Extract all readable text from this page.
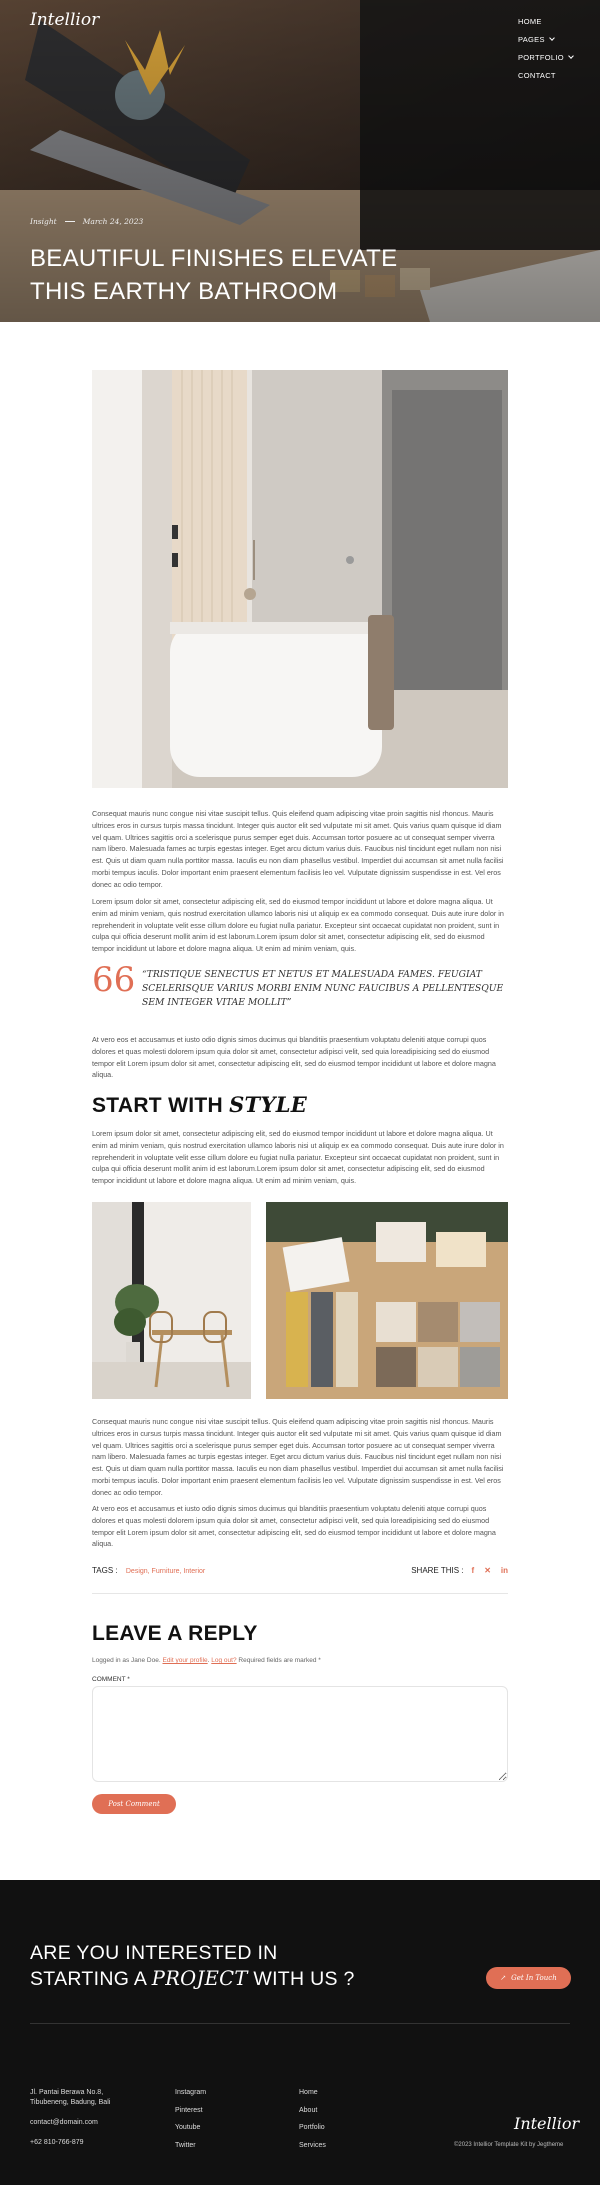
Intellior	HOME
PAGES
PORTFOLIO
CONTACT
Insight	March 24, 2023
BEAUTIFUL FINISHES ELEVATE THIS EARTHY BATHROOM

Consequat mauris nunc congue nisi vitae suscipit tellus. Quis eleifend quam adipiscing vitae proin sagittis nisl rhoncus. Mauris ultrices eros in cursus turpis massa tincidunt. Integer quis auctor elit sed vulputate mi sit amet. Quis varius quam quisque id diam vel quam. Ultrices sagittis orci a scelerisque purus semper eget duis. Accumsan tortor posuere ac ut consequat semper viverra nam libero. Malesuada fames ac turpis egestas integer. Eget arcu dictum varius duis. Faucibus nisl tincidunt eget nullam non nisi est. Quis ut diam quam nulla porttitor massa. Iaculis eu non diam phasellus vestibul. Imperdiet dui accumsan sit amet nulla facilisi morbi tempus iaculis. Dolor important enim praesent elementum facilisis leo vel. Vulputate dignissim suspendisse in est. Vel eros donec ac odio tempor.

Lorem ipsum dolor sit amet, consectetur adipiscing elit, sed do eiusmod tempor incididunt ut labore et dolore magna aliqua. Ut enim ad minim veniam, quis nostrud exercitation ullamco laboris nisi ut aliquip ex ea commodo consequat. Duis aute irure dolor in reprehenderit in voluptate velit esse cillum dolore eu fugiat nulla pariatur. Excepteur sint occaecat cupidatat non proident, sunt in culpa qui officia deserunt mollit anim id est laborum.Lorem ipsum dolor sit amet, consectetur adipiscing elit, sed do eiusmod tempor incididunt ut labore et dolore magna aliqua. Ut enim ad minim veniam, quis.

66 “TRISTIQUE SENECTUS ET NETUS ET MALESUADA FAMES. FEUGIAT SCELERISQUE VARIUS MORBI ENIM NUNC FAUCIBUS A PELLENTESQUE SEM INTEGER VITAE MOLLIT”

At vero eos et accusamus et iusto odio dignis simos ducimus qui blanditiis praesentium voluptatu deleniti atque corrupi quos dolores et quas molesti dolorem ipsum quia dolor sit amet, consectetur adipisci velit, sed quia loreadipisicing sed do eiusmod tempor elit Lorem ipsum dolor sit amet, consectetur adipiscing elit, sed do eiusmod tempor incididunt ut labore et dolore magna aliqua.

START WITH STYLE

Lorem ipsum dolor sit amet, consectetur adipiscing elit, sed do eiusmod tempor incididunt ut labore et dolore magna aliqua. Ut enim ad minim veniam, quis nostrud exercitation ullamco laboris nisi ut aliquip ex ea commodo consequat. Duis aute irure dolor in reprehenderit in voluptate velit esse cillum dolore eu fugiat nulla pariatur. Excepteur sint occaecat cupidatat non proident, sunt in culpa qui officia deserunt mollit anim id est laborum.Lorem ipsum dolor sit amet, consectetur adipiscing elit, sed do eiusmod tempor incididunt ut labore et dolore magna aliqua. Ut enim ad minim veniam, quis.

Consequat mauris nunc congue nisi vitae suscipit tellus. Quis eleifend quam adipiscing vitae proin sagittis nisl rhoncus. Mauris ultrices eros in cursus turpis massa tincidunt. Integer quis auctor elit sed vulputate mi sit amet. Quis varius quam quisque id diam vel quam. Ultrices sagittis orci a scelerisque purus semper eget duis. Accumsan tortor posuere ac ut consequat semper viverra nam libero. Malesuada fames ac turpis egestas integer. Eget arcu dictum varius duis. Faucibus nisl tincidunt eget nullam non nisi est. Quis ut diam quam nulla porttitor massa. Iaculis eu non diam phasellus vestibul. Imperdiet dui accumsan sit amet nulla facilisi morbi tempus iaculis. Dolor important enim praesent elementum facilisis leo vel. Vulputate dignissim suspendisse in est. Vel eros donec ac odio tempor.

At vero eos et accusamus et iusto odio dignis simos ducimus qui blanditiis praesentium voluptatu deleniti atque corrupi quos dolores et quas molesti dolorem ipsum quia dolor sit amet, consectetur adipisci velit, sed quia loreadipisicing sed do eiusmod tempor elit Lorem ipsum dolor sit amet, consectetur adipiscing elit, sed do eiusmod tempor incididunt ut labore et dolore magna aliqua.

TAGS : Design, Furniture, Interior	SHARE THIS : f ✕ in
LEAVE A REPLY

Logged in as Jane Doe. Edit your profile. Log out? Required fields are marked *

COMMENT *
Post Comment
ARE YOU INTERESTED IN
STARTING A PROJECT WITH US ?	↗ Get In Touch
Jl. Pantai Berawa No.8,
Tibubeneng, Badung, Bali
contact@domain.com
+62 810-766-879
Instagram
Pinterest
Youtube
Twitter
Home
About
Portfolio
Services
Intellior
©2023 Intellior Template Kit by Jegtheme
